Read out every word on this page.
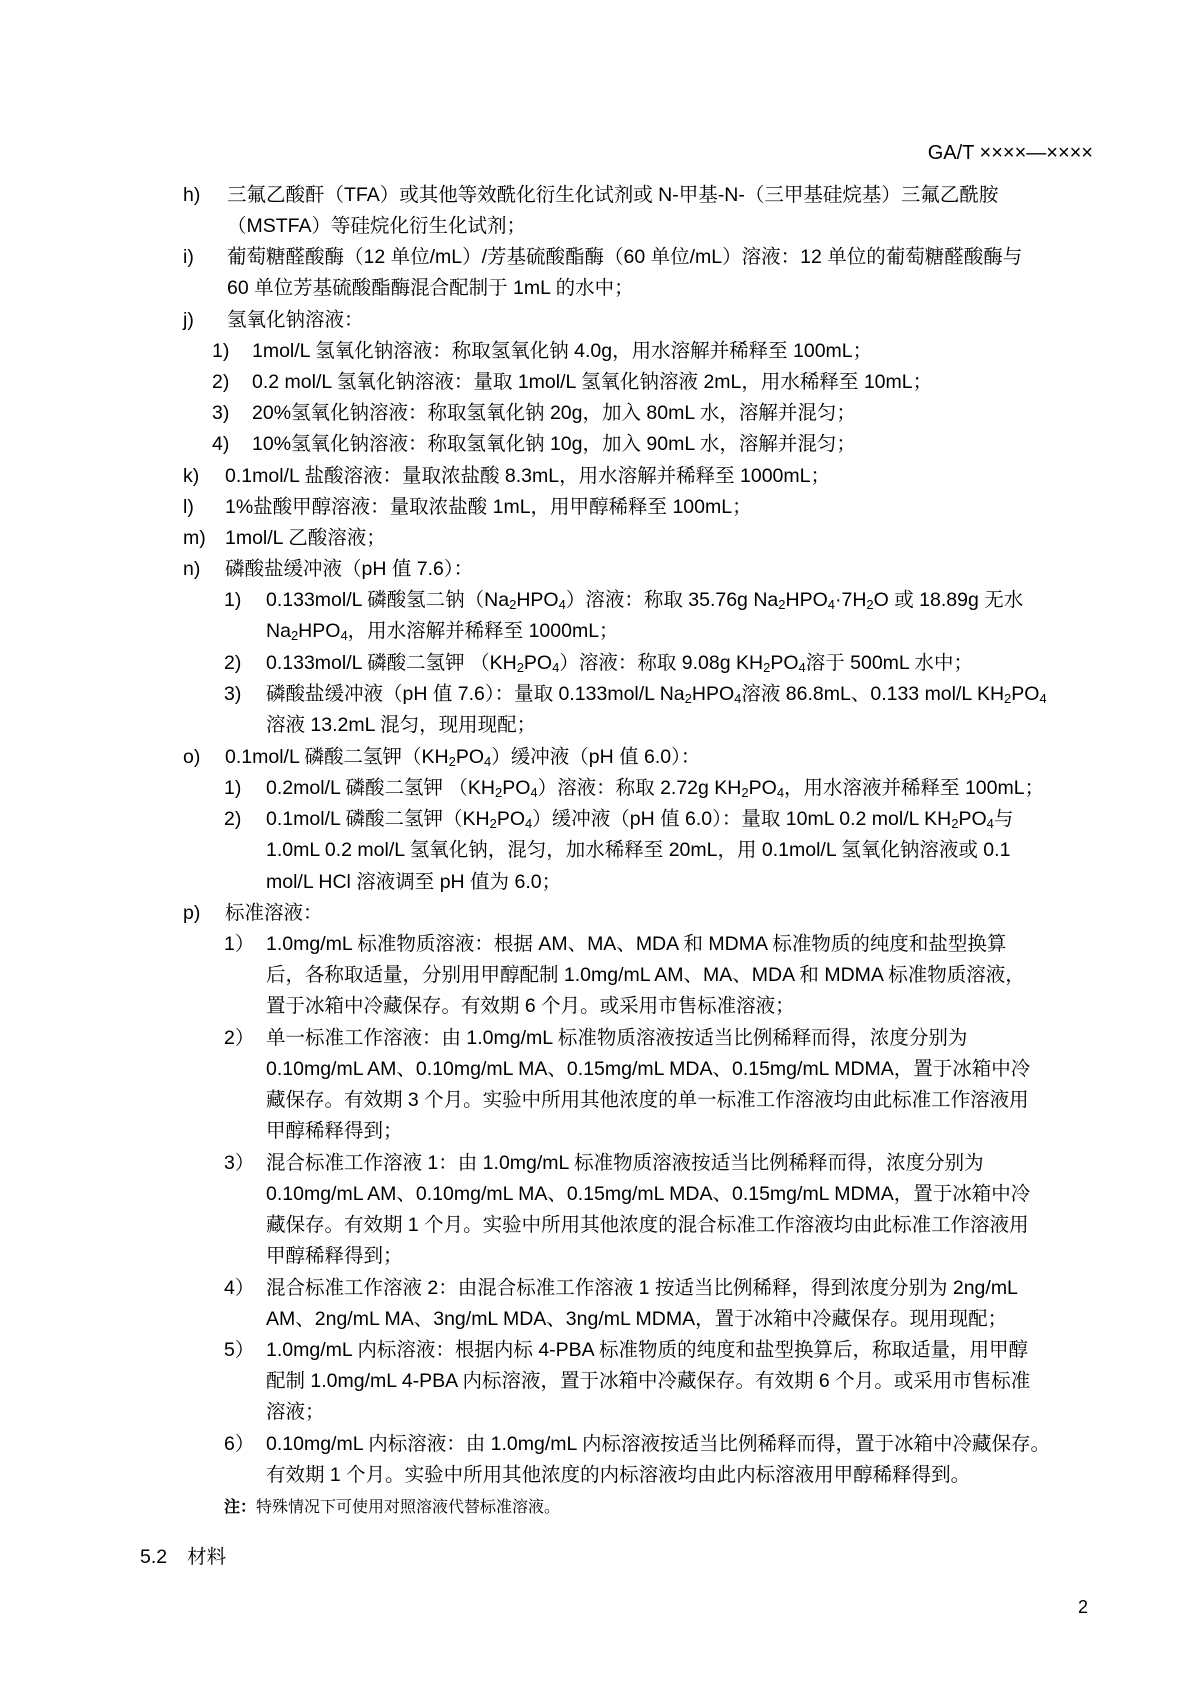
GA/T ××××—××××
h) 三氟乙酸酐（TFA）或其他等效酰化衍生化试剂或 N-甲基-N-（三甲基硅烷基）三氟乙酰胺
（MSTFA）等硅烷化衍生化试剂；
i) 葡萄糖醛酸酶（12 单位/mL）/芳基硫酸酯酶（60 单位/mL）溶液：12 单位的葡萄糖醛酸酶与
60 单位芳基硫酸酯酶混合配制于 1mL 的水中；
j) 氢氧化钠溶液：
1) 1mol/L 氢氧化钠溶液：称取氢氧化钠 4.0g，用水溶解并稀释至 100mL；
2) 0.2 mol/L 氢氧化钠溶液：量取 1mol/L 氢氧化钠溶液 2mL，用水稀释至 10mL；
3) 20%氢氧化钠溶液：称取氢氧化钠 20g，加入 80mL 水，溶解并混匀；
4) 10%氢氧化钠溶液：称取氢氧化钠 10g，加入 90mL 水，溶解并混匀；
k) 0.1mol/L 盐酸溶液：量取浓盐酸 8.3mL，用水溶解并稀释至 1000mL；
l) 1%盐酸甲醇溶液：量取浓盐酸 1mL，用甲醇稀释至 100mL；
m) 1mol/L 乙酸溶液；
n) 磷酸盐缓冲液（pH 值 7.6）：
1) 0.133mol/L 磷酸氢二钠$(Na_2HPO_4)$溶液：称取 35.76g $Na_2HPO_4\cdot 7H_2O$ 或 18.89g 无水
$Na_2HPO_4$，用水溶解并稀释至 1000mL；
2) 0.133mol/L 磷酸二氢钾 $(KH_2PO_4)$溶液：称取 9.08g $KH_2PO_4$溶于 500mL 水中；
3) 磷酸盐缓冲液（pH 值 7.6）：量取 0.133mol/L $Na_2HPO_4$溶液 86.8mL、0.133 mol/L $KH_2PO_4$
溶液 13.2mL 混匀，现用现配；
o) 0.1mol/L 磷酸二氢钾$(KH_2PO_4)$缓冲液（pH 值 6.0）：
1) 0.2mol/L 磷酸二氢钾 $(KH_2PO_4)$溶液：称取 2.72g $KH_2PO_4$，用水溶液并稀释至 100mL；
2) 0.1mol/L 磷酸二氢钾$(KH_2PO_4)$缓冲液（pH 值 6.0）：量取 10mL 0.2 mol/L $KH_2PO_4$与
1.0mL 0.2 mol/L 氢氧化钠，混匀，加水稀释至 20mL，用 0.1mol/L 氢氧化钠溶液或 0.1
mol/L HCl 溶液调至 pH 值为 6.0；
p) 标准溶液：
1） 1.0mg/mL 标准物质溶液：根据 AM、MA、MDA 和 MDMA 标准物质的纯度和盐型换算
后，各称取适量，分别用甲醇配制 1.0mg/mL AM、MA、MDA 和 MDMA 标准物质溶液，
置于冰箱中冷藏保存。有效期 6 个月。或采用市售标准溶液；
2） 单一标准工作溶液：由 1.0mg/mL 标准物质溶液按适当比例稀释而得，浓度分别为
0.10mg/mL AM、0.10mg/mL MA、0.15mg/mL MDA、0.15mg/mL MDMA，置于冰箱中冷
藏保存。有效期 3 个月。实验中所用其他浓度的单一标准工作溶液均由此标准工作溶液用
甲醇稀释得到；
3） 混合标准工作溶液 1：由 1.0mg/mL 标准物质溶液按适当比例稀释而得，浓度分别为
0.10mg/mL AM、0.10mg/mL MA、0.15mg/mL MDA、0.15mg/mL MDMA，置于冰箱中冷
藏保存。有效期 1 个月。实验中所用其他浓度的混合标准工作溶液均由此标准工作溶液用
甲醇稀释得到；
4） 混合标准工作溶液 2：由混合标准工作溶液 1 按适当比例稀释，得到浓度分别为 2ng/mL
AM、2ng/mL MA、3ng/mL MDA、3ng/mL MDMA，置于冰箱中冷藏保存。现用现配；
5） 1.0mg/mL 内标溶液：根据内标 4-PBA 标准物质的纯度和盐型换算后，称取适量，用甲醇
配制 1.0mg/mL 4-PBA 内标溶液，置于冰箱中冷藏保存。有效期 6 个月。或采用市售标准
溶液；
6） 0.10mg/mL 内标溶液：由 1.0mg/mL 内标溶液按适当比例稀释而得，置于冰箱中冷藏保存。
有效期 1 个月。实验中所用其他浓度的内标溶液均由此内标溶液用甲醇稀释得到。
注：特殊情况下可使用对照溶液代替标准溶液。
5.2 材料
2
